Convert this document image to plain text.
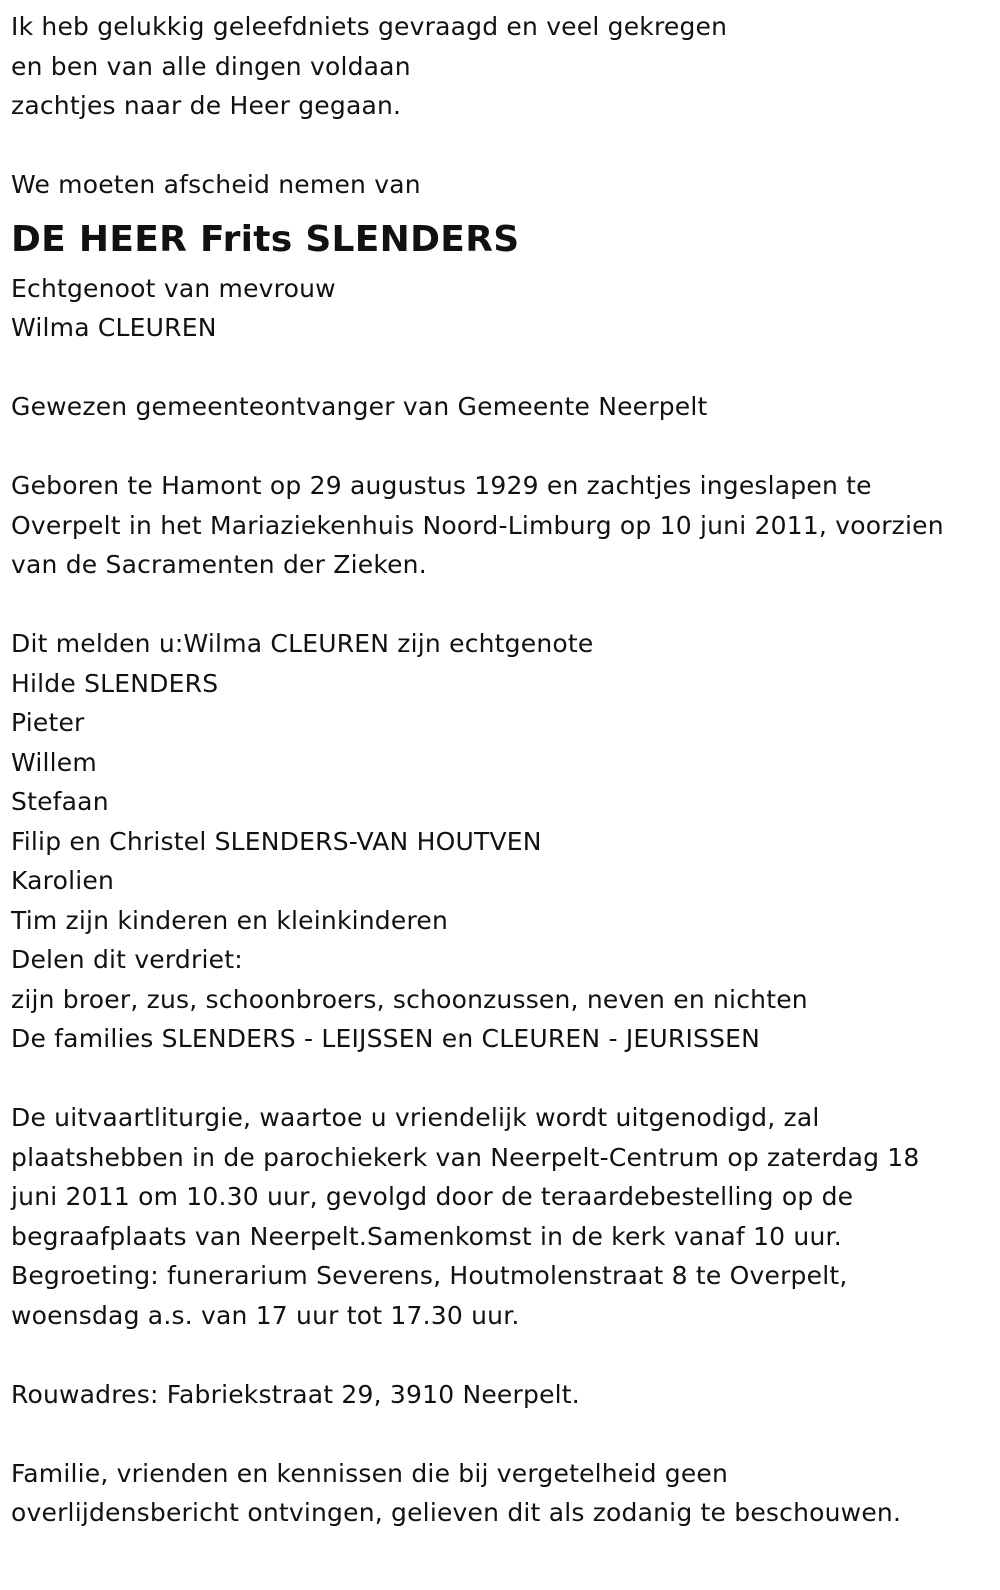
Ik heb gelukkig geleefdniets gevraagd en veel gekregen
en ben van alle dingen voldaan
zachtjes naar de Heer gegaan.
We moeten afscheid nemen van
DE HEER Frits SLENDERS
Echtgenoot van mevrouw
Wilma CLEUREN
Gewezen gemeenteontvanger van Gemeente Neerpelt
Geboren te Hamont op 29 augustus 1929 en zachtjes ingeslapen te
Overpelt in het Mariaziekenhuis Noord-Limburg op 10 juni 2011, voorzien
van de Sacramenten der Zieken.
Dit melden u:Wilma CLEUREN zijn echtgenote
Hilde SLENDERS
Pieter
Willem
Stefaan
Filip en Christel SLENDERS-VAN HOUTVEN
Karolien
Tim zijn kinderen en kleinkinderen
Delen dit verdriet:
zijn broer, zus, schoonbroers, schoonzussen, neven en nichten
De families SLENDERS - LEIJSSEN en CLEUREN - JEURISSEN
De uitvaartliturgie, waartoe u vriendelijk wordt uitgenodigd, zal
plaatshebben in de parochiekerk van Neerpelt-Centrum op zaterdag 18
juni 2011 om 10.30 uur, gevolgd door de teraardebestelling op de
begraafplaats van Neerpelt.Samenkomst in de kerk vanaf 10 uur.
Begroeting: funerarium Severens, Houtmolenstraat 8 te Overpelt,
woensdag a.s. van 17 uur tot 17.30 uur.
Rouwadres: Fabriekstraat 29, 3910 Neerpelt.
Familie, vrienden en kennissen die bij vergetelheid geen
overlijdensbericht ontvingen, gelieven dit als zodanig te beschouwen.
